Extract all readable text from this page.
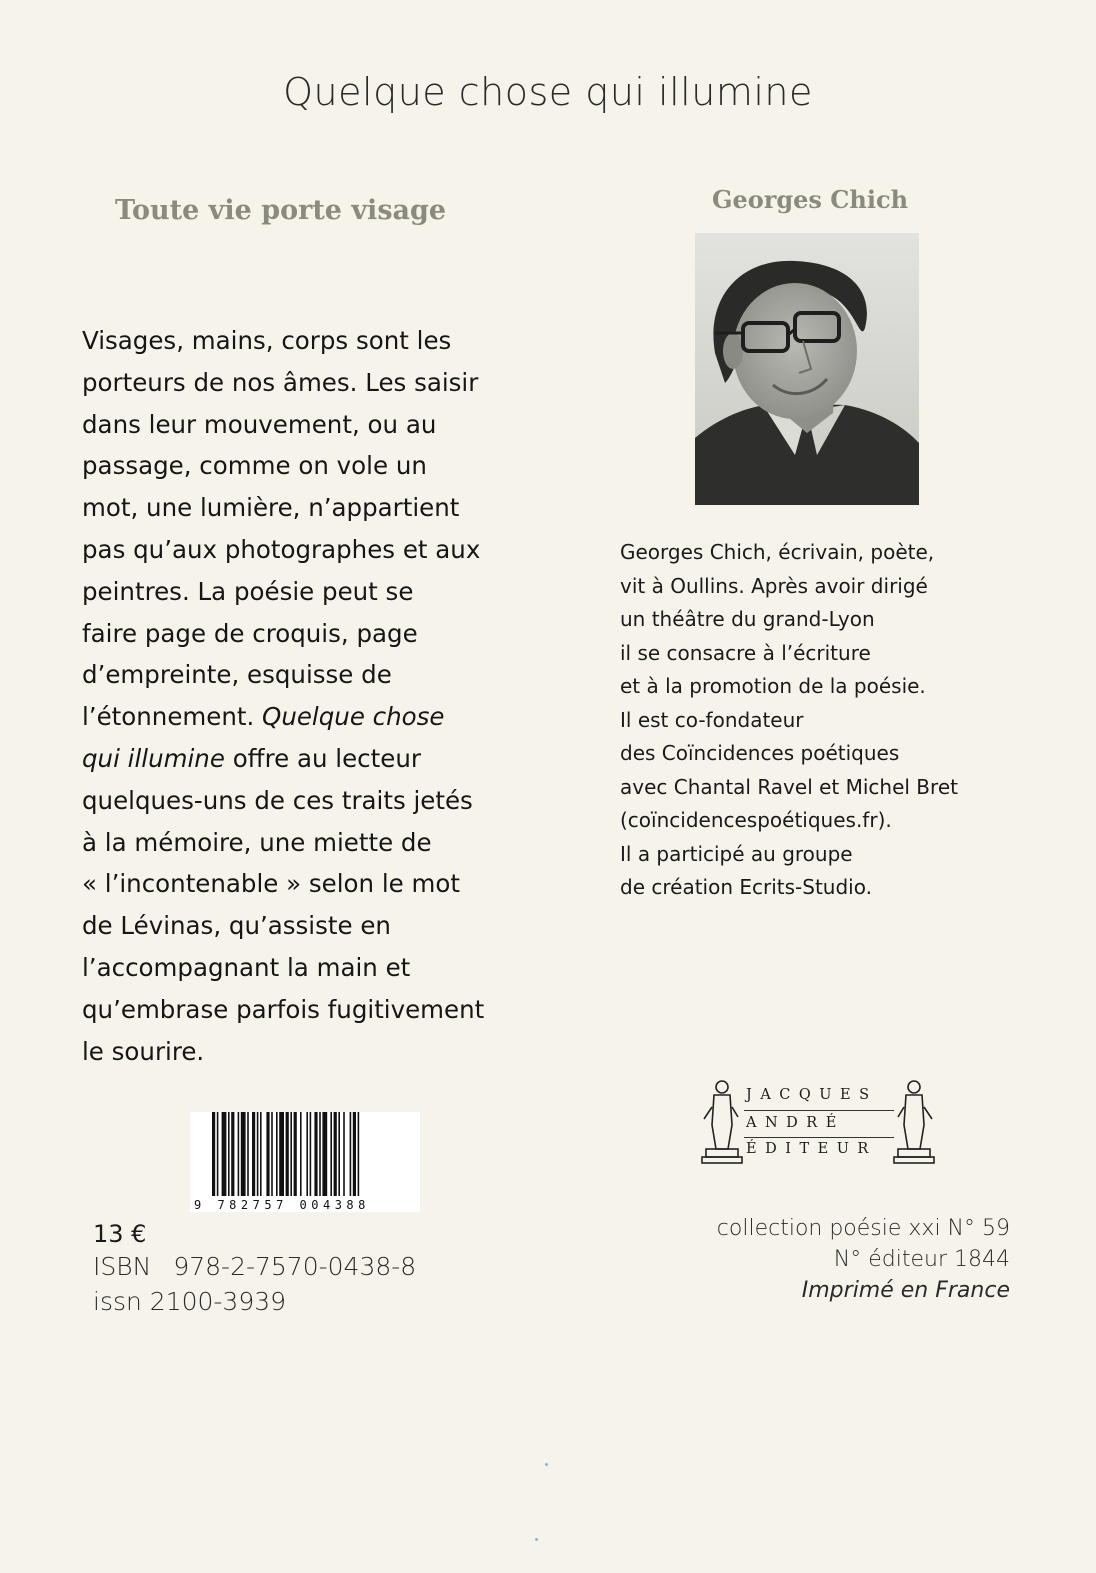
Quelque chose qui illumine
Toute vie porte visage	Georges Chich
Visages, mains, corps sont les
porteurs de nos âmes. Les saisir
dans leur mouvement, ou au
passage, comme on vole un
mot, une lumière, n’appartient
pas qu’aux photographes et aux
peintres. La poésie peut se
faire page de croquis, page
d’empreinte, esquisse de
l’étonnement. Quelque chose
qui illumine offre au lecteur
quelques-uns de ces traits jetés
à la mémoire, une miette de
« l’incontenable » selon le mot
de Lévinas, qu’assiste en
l’accompagnant la main et
qu’embrase parfois fugitivement
le sourire.
Georges Chich, écrivain, poète,
vit à Oullins. Après avoir dirigé
un théâtre du grand-Lyon
il se consacre à l’écriture
et à la promotion de la poésie.
Il est co-fondateur
des Coïncidences poétiques
avec Chantal Ravel et Michel Bret
(coïncidencespoétiques.fr).
Il a participé au groupe
de création Ecrits-Studio.
9 782757 004388
13 €
ISBN 978-2-7570-0438-8
issn 2100-3939
JACQUES
ANDRÉ
ÉDITEUR
collection poésie xxi N° 59
N° éditeur 1844
Imprimé en France
